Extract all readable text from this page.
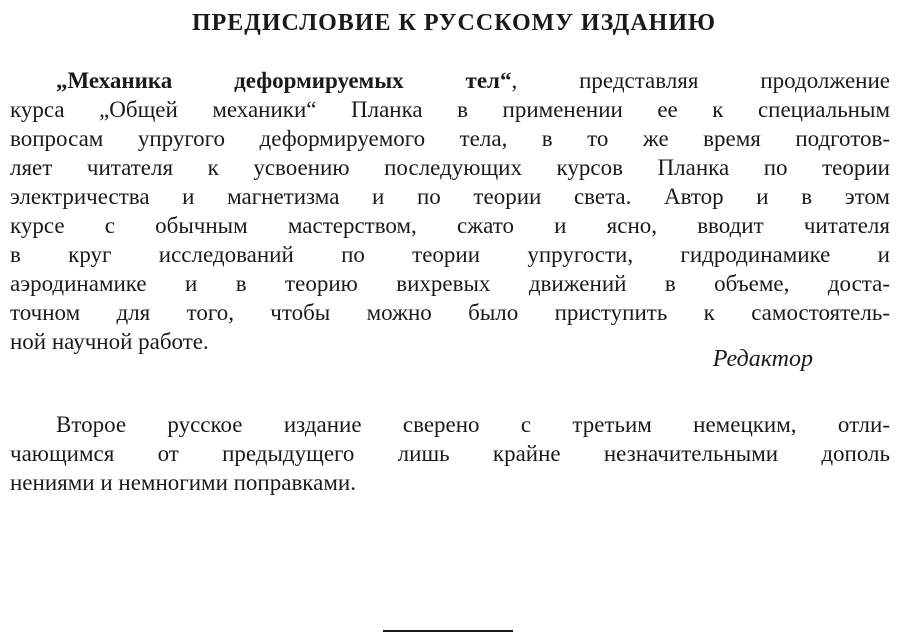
ПРЕДИСЛОВИЕ К РУССКОМУ ИЗДАНИЮ
„Механика деформируемых тел“, представляя продолжение
курса „Общей механики“ Планка в применении ее к специальным
вопросам упругого деформируемого тела, в то же время подготов-
ляет читателя к усвоению последующих курсов Планка по теории
электричества и магнетизма и по теории света. Автор и в этом
курсе с обычным мастерством, сжато и ясно, вводит читателя
в круг исследований по теории упругости, гидродинамике и
аэродинамике и в теорию вихревых движений в объеме, доста-
точном для того, чтобы можно было приступить к самостоятель-
ной научной работе.
Редактор
Второе русское издание сверено с третьим немецким, отли-
чающимся от предыдущего лишь крайне незначительными дополь
нениями и немногими поправками.
